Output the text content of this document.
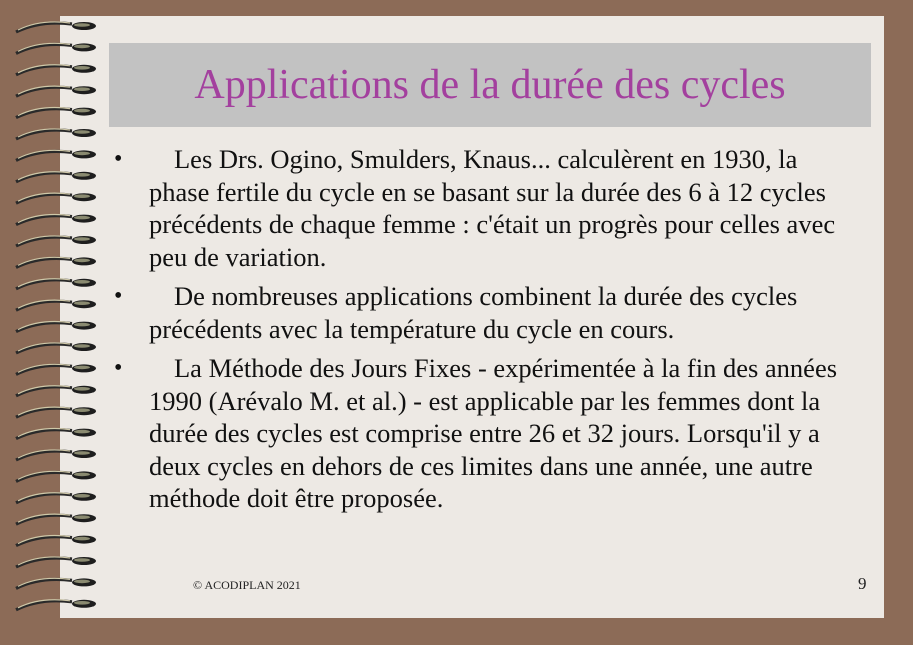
Applications de la durée des cycles
•	Les Drs. Ogino, Smulders, Knaus... calculèrent en 1930, la phase fertile du cycle en se basant sur la durée des 6 à 12 cycles précédents de chaque femme : c'était un progrès pour celles avec peu de variation.
•	De nombreuses applications combinent la durée des cycles précédents avec la température du cycle en cours.
•	La Méthode des Jours Fixes - expérimentée à la fin des années 1990 (Arévalo M. et al.) - est applicable par les femmes dont la durée des cycles est comprise entre 26 et 32 jours. Lorsqu'il y a deux cycles en dehors de ces limites dans une année, une autre méthode doit être proposée.
© ACODIPLAN 2021	9
